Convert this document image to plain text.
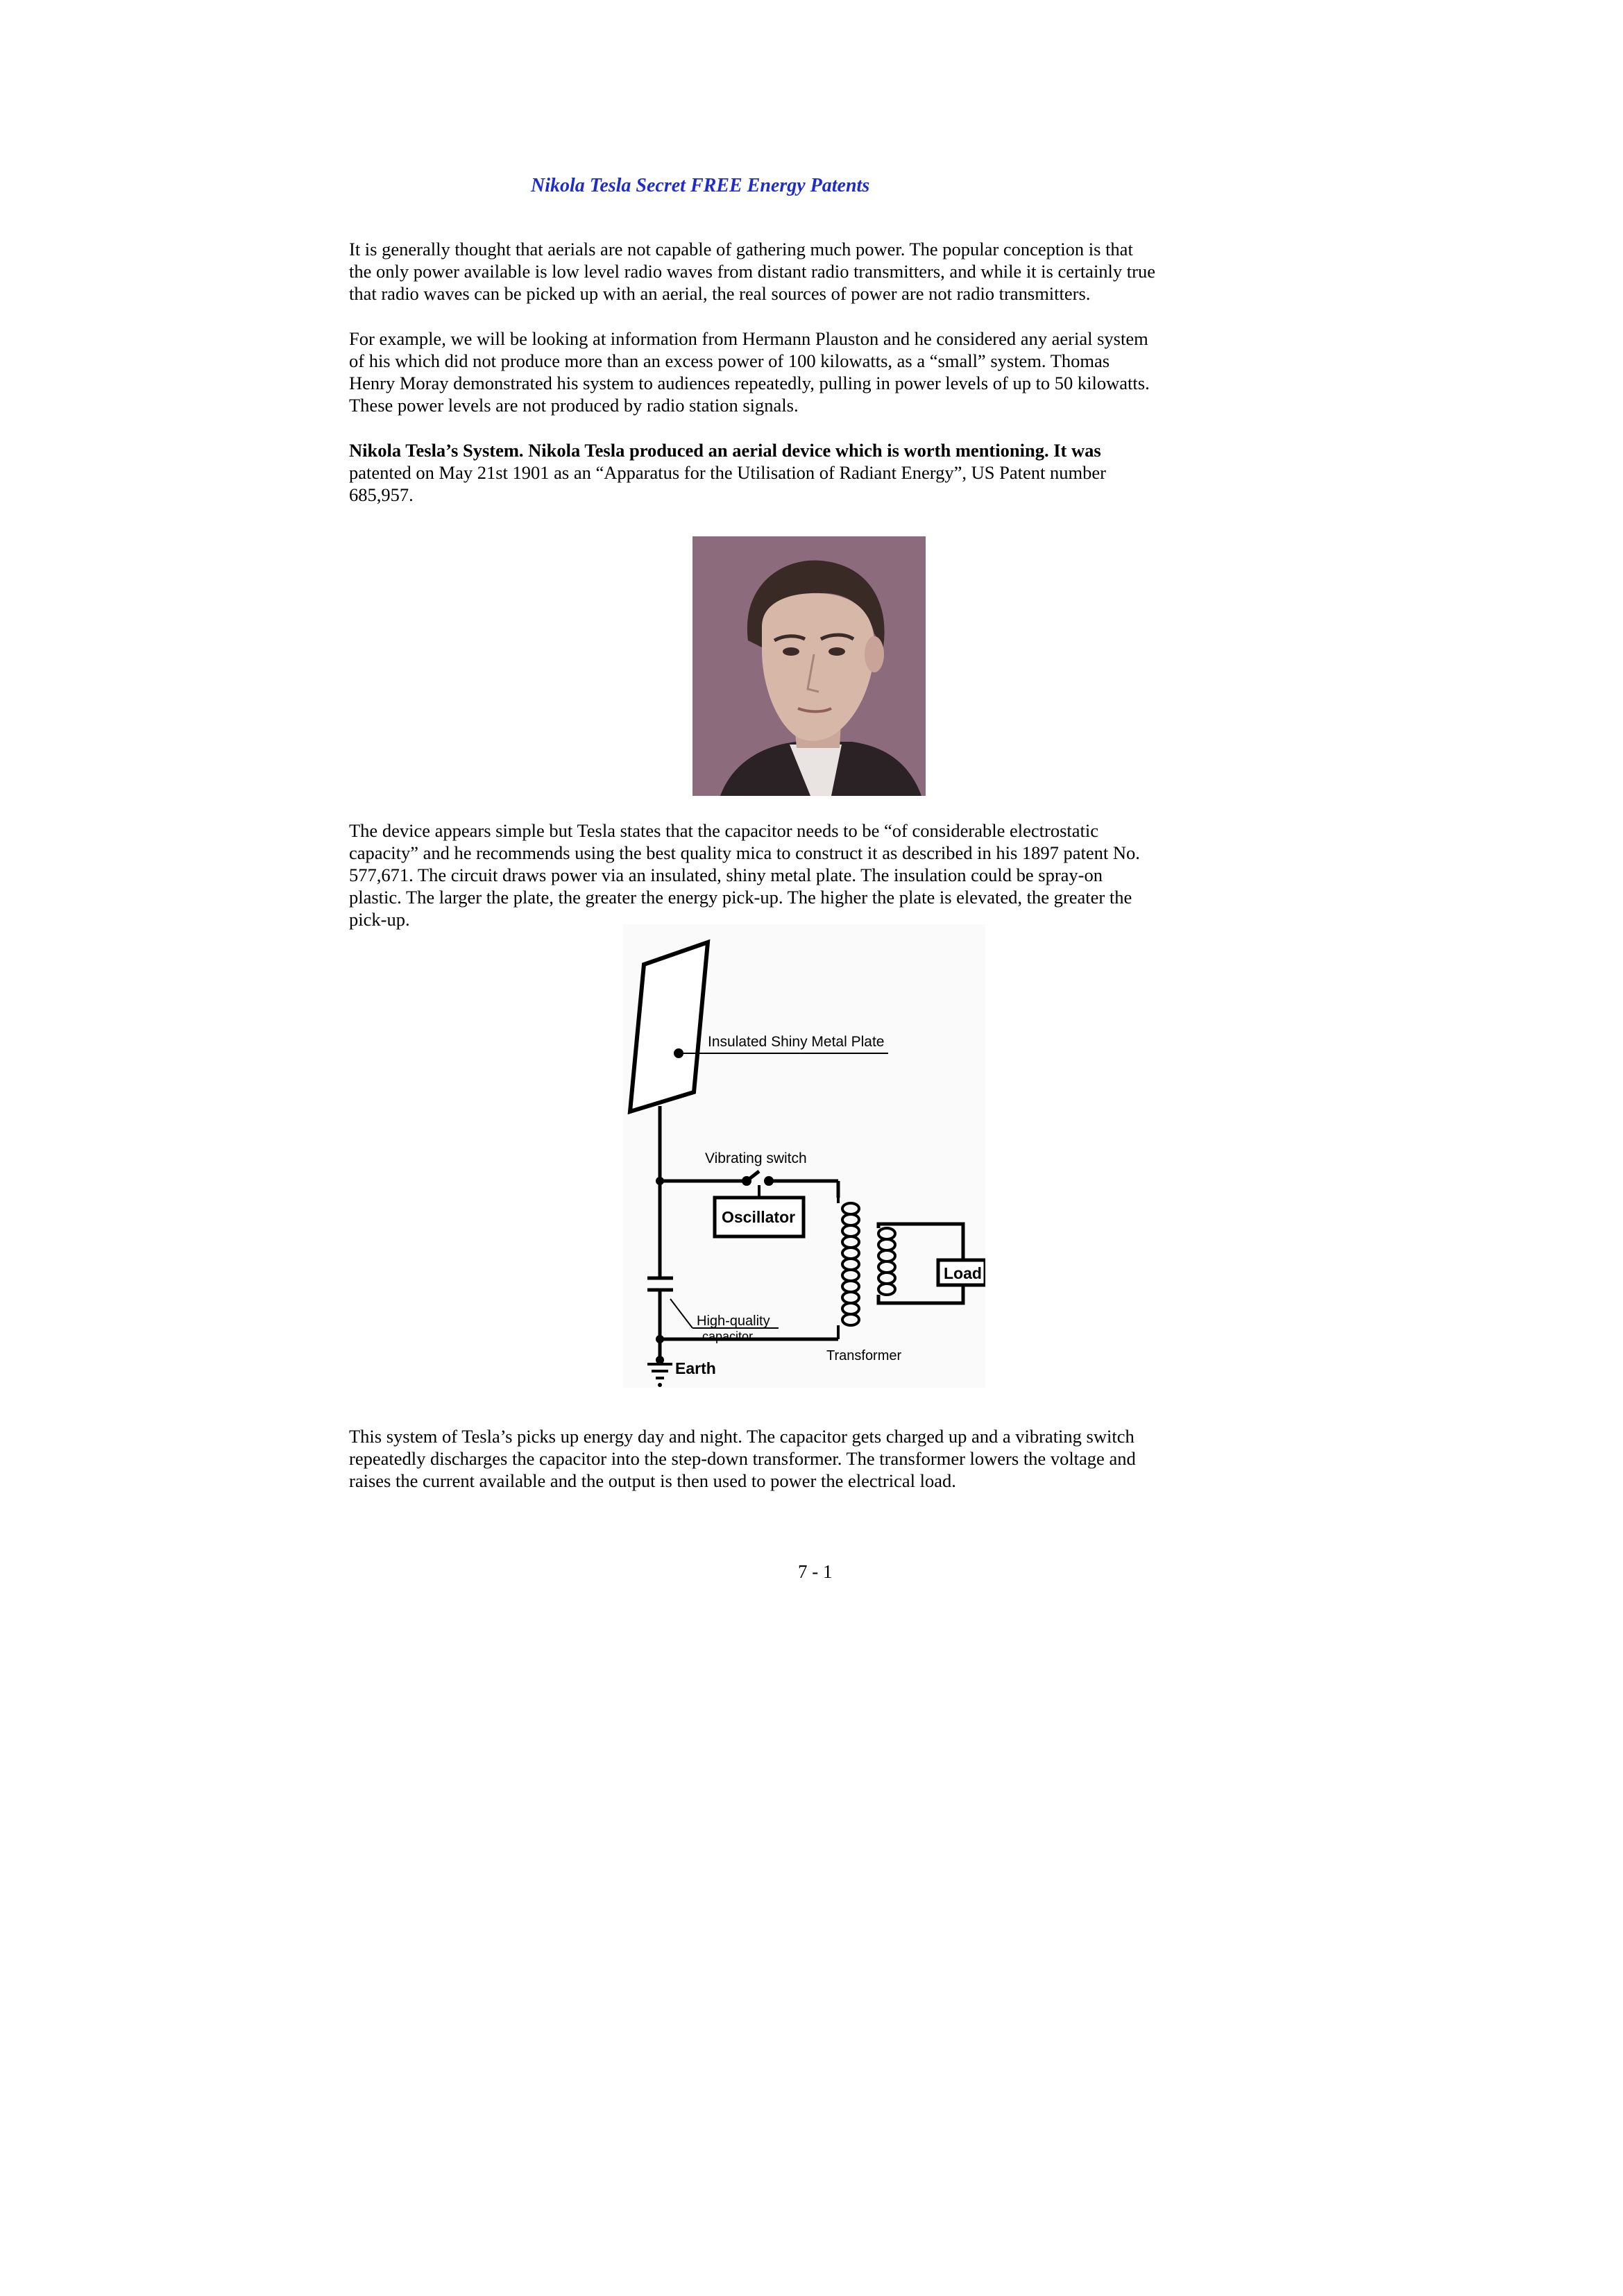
Nikola Tesla Secret FREE Energy Patents
It is generally thought that aerials are not capable of gathering much power. The popular conception is that
the only power available is low level radio waves from distant radio transmitters, and while it is certainly true
that radio waves can be picked up with an aerial, the real sources of power are not radio transmitters.
For example, we will be looking at information from Hermann Plauston and he considered any aerial system
of his which did not produce more than an excess power of 100 kilowatts, as a “small” system. Thomas
Henry Moray demonstrated his system to audiences repeatedly, pulling in power levels of up to 50 kilowatts.
These power levels are not produced by radio station signals.
Nikola Tesla’s System. Nikola Tesla produced an aerial device which is worth mentioning. It was
patented on May 21st 1901 as an “Apparatus for the Utilisation of Radiant Energy”, US Patent number
685,957.
The device appears simple but Tesla states that the capacitor needs to be “of considerable electrostatic
capacity” and he recommends using the best quality mica to construct it as described in his 1897 patent No.
577,671. The circuit draws power via an insulated, shiny metal plate. The insulation could be spray-on
plastic. The larger the plate, the greater the energy pick-up. The higher the plate is elevated, the greater the
pick-up.
Insulated Shiny Metal Plate
Vibrating switch
Oscillator
High-quality
capacitor
Load
Transformer
Earth
This system of Tesla’s picks up energy day and night. The capacitor gets charged up and a vibrating switch
repeatedly discharges the capacitor into the step-down transformer. The transformer lowers the voltage and
raises the current available and the output is then used to power the electrical load.
7 - 1
